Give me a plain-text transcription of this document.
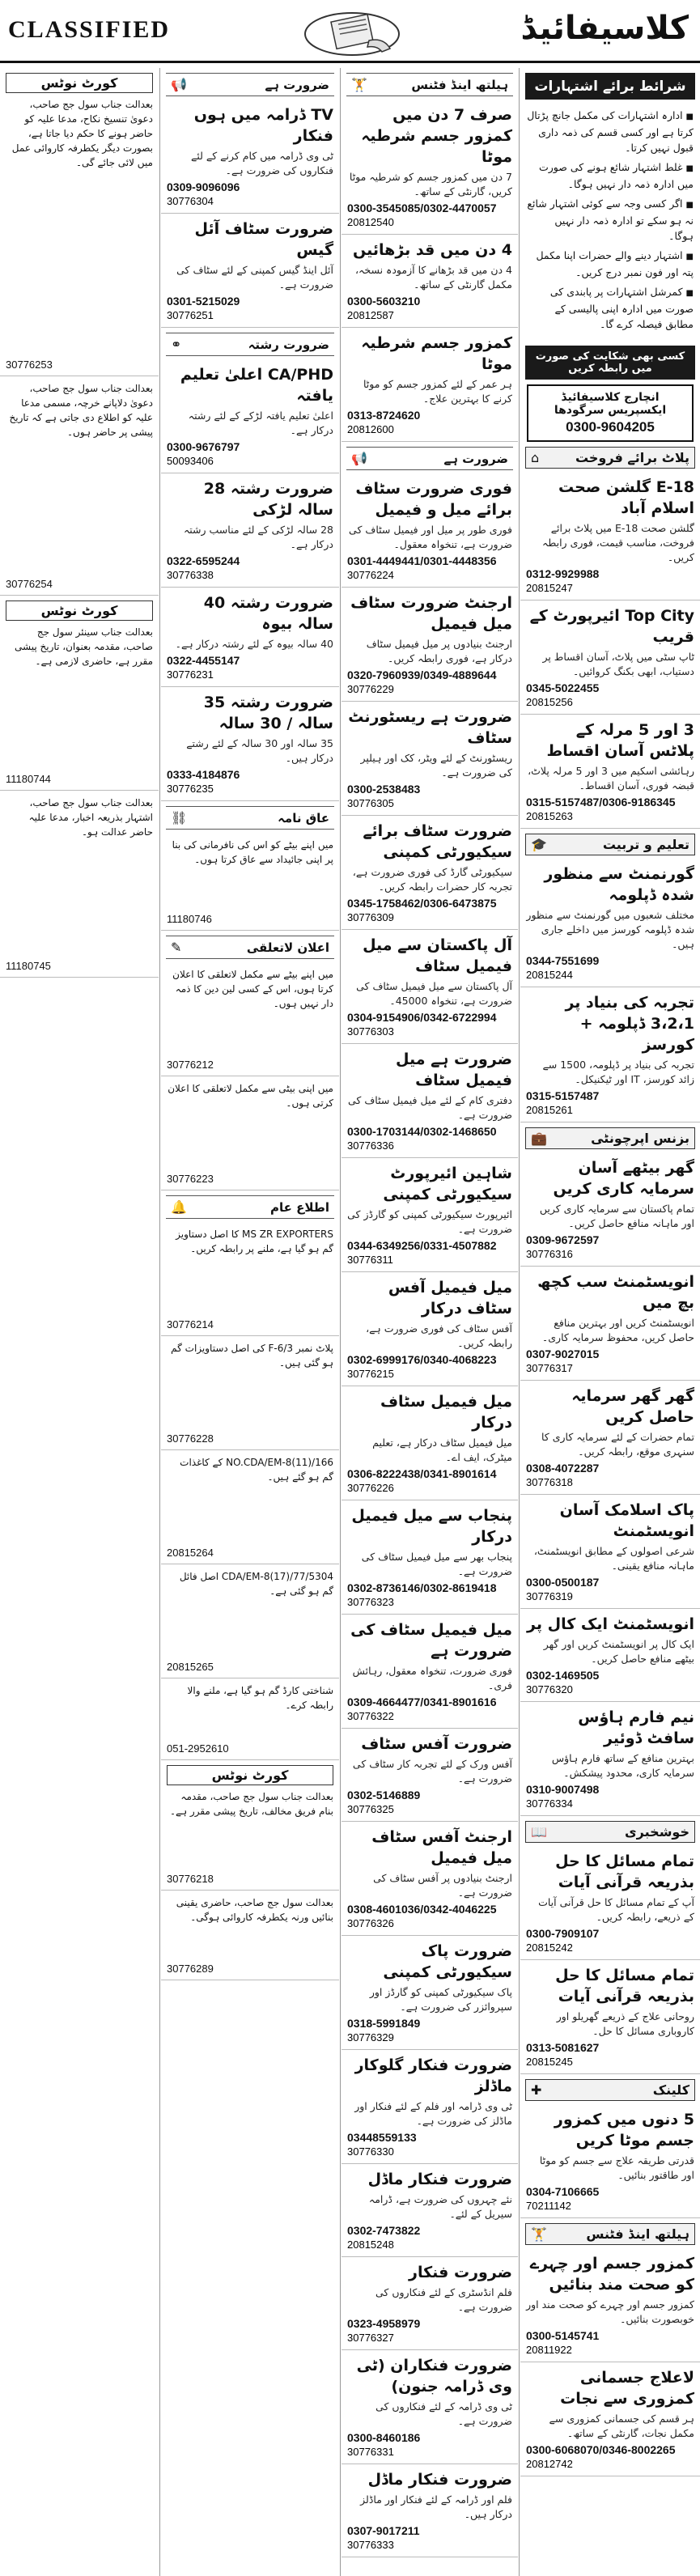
CLASSIFIED	کلاسیفائیڈ
کورٹ نوٹس
بعدالت جناب سول جج صاحب، دعویٰ تنسیخ نکاح، مدعا علیہ کو حاضر ہونے کا حکم دیا جاتا ہے، بصورت دیگر یکطرفہ کاروائی عمل میں لائی جائے گی۔
30776253
بعدالت جناب سول جج صاحب، دعویٰ دلاپانے خرچہ، مسمی مدعا علیہ کو اطلاع دی جاتی ہے کہ تاریخ پیشی پر حاضر ہوں۔
30776254
کورٹ نوٹس
بعدالت جناب سینئر سول جج صاحب، مقدمہ بعنوان، تاریخ پیشی مقرر ہے، حاضری لازمی ہے۔
11180744
بعدالت جناب سول جج صاحب، اشتہار بذریعہ اخبار، مدعا علیہ حاضر عدالت ہو۔
11180745
ضرورت ہے
📢
TV ڈرامہ میں ہوں فنکار
ٹی وی ڈرامہ میں کام کرنے کے لئے فنکاروں کی ضرورت ہے۔
0309-9096096
30776304
ضرورت سٹاف آئل گیس
آئل اینڈ گیس کمپنی کے لئے سٹاف کی ضرورت ہے۔
0301-5215029
30776251
ضرورت رشتہ
⚭
CA/PHD اعلیٰ تعلیم یافتہ
اعلیٰ تعلیم یافتہ لڑکے کے لئے رشتہ درکار ہے۔
0300-9676797
50093406
ضرورت رشتہ 28 سالہ لڑکی
28 سالہ لڑکی کے لئے مناسب رشتہ درکار ہے۔
0322-6595244
30776338
ضرورت رشتہ 40 سالہ بیوہ
40 سالہ بیوہ کے لئے رشتہ درکار ہے۔
0322-4455147
30776231
ضرورت رشتہ 35 سالہ / 30 سالہ
35 سالہ اور 30 سالہ کے لئے رشتے درکار ہیں۔
0333-4184876
30776235
عاق نامہ
⛓
میں اپنے بیٹے کو اس کی نافرمانی کی بنا پر اپنی جائیداد سے عاق کرتا ہوں۔
11180746
اعلان لاتعلقی
✎
میں اپنے بیٹے سے مکمل لاتعلقی کا اعلان کرتا ہوں، اس کے کسی لین دین کا ذمہ دار نہیں ہوں۔
30776212
میں اپنی بیٹی سے مکمل لاتعلقی کا اعلان کرتی ہوں۔
30776223
اطلاع عام
🔔
MS ZR EXPORTERS کا اصل دستاویز گم ہو گیا ہے، ملنے پر رابطہ کریں۔
30776214
پلاٹ نمبر F-6/3 کی اصل دستاویزات گم ہو گئی ہیں۔
30776228
NO.CDA/EM-8(11)/166 کے کاغذات گم ہو گئے ہیں۔
20815264
CDA/EM-8(17)/77/5304 اصل فائل گم ہو گئی ہے۔
20815265
شناختی کارڈ گم ہو گیا ہے، ملنے والا رابطہ کرے۔
051-2952610
کورٹ نوٹس
بعدالت جناب سول جج صاحب، مقدمہ بنام فریق مخالف، تاریخ پیشی مقرر ہے۔
30776218
بعدالت سول جج صاحب، حاضری یقینی بنائیں ورنہ یکطرفہ کاروائی ہوگی۔
30776289
ہیلتھ اینڈ فٹنس
🏋
صرف 7 دن میں کمزور جسم شرطیہ موٹا
7 دن میں کمزور جسم کو شرطیہ موٹا کریں، گارنٹی کے ساتھ۔
0300-3545085/0302-4470057
20812540
4 دن میں قد بڑھائیں
4 دن میں قد بڑھانے کا آزمودہ نسخہ، مکمل گارنٹی کے ساتھ۔
0300-5603210
20812587
کمزور جسم شرطیہ موٹا
ہر عمر کے لئے کمزور جسم کو موٹا کرنے کا بہترین علاج۔
0313-8724620
20812600
ضرورت ہے
📢
فوری ضرورت سٹاف برائے میل و فیمیل
فوری طور پر میل اور فیمیل سٹاف کی ضرورت ہے، تنخواہ معقول۔
0301-4449441/0301-4448356
30776224
ارجنٹ ضرورت سٹاف میل فیمیل
ارجنٹ بنیادوں پر میل فیمیل سٹاف درکار ہے، فوری رابطہ کریں۔
0320-7960939/0349-4889644
30776229
ضرورت ہے ریسٹورنٹ سٹاف
ریسٹورنٹ کے لئے ویٹر، کک اور ہیلپر کی ضرورت ہے۔
0300-2538483
30776305
ضرورت سٹاف برائے سیکیورٹی کمپنی
سیکیورٹی گارڈ کی فوری ضرورت ہے، تجربہ کار حضرات رابطہ کریں۔
0345-1758462/0306-6473875
30776309
آل پاکستان سے میل فیمیل سٹاف
آل پاکستان سے میل فیمیل سٹاف کی ضرورت ہے، تنخواہ 45000۔
0304-9154906/0342-6722994
30776303
ضرورت ہے میل فیمیل سٹاف
دفتری کام کے لئے میل فیمیل سٹاف کی ضرورت ہے۔
0300-1703144/0302-1468650
30776336
شاہین ائیرپورٹ سیکیورٹی کمپنی
ائیرپورٹ سیکیورٹی کمپنی کو گارڈز کی ضرورت ہے۔
0344-6349256/0331-4507882
30776311
میل فیمیل آفس سٹاف درکار
آفس سٹاف کی فوری ضرورت ہے، رابطہ کریں۔
0302-6999176/0340-4068223
30776215
میل فیمیل سٹاف درکار
میل فیمیل سٹاف درکار ہے، تعلیم میٹرک، ایف اے۔
0306-8222438/0341-8901614
30776226
پنجاب سے میل فیمیل درکار
پنجاب بھر سے میل فیمیل سٹاف کی ضرورت ہے۔
0302-8736146/0302-8619418
30776323
میل فیمیل سٹاف کی ضرورت ہے
فوری ضرورت، تنخواہ معقول، رہائش فری۔
0309-4664477/0341-8901616
30776322
ضرورت آفس سٹاف
آفس ورک کے لئے تجربہ کار سٹاف کی ضرورت ہے۔
0302-5146889
30776325
ارجنٹ آفس سٹاف میل فیمیل
ارجنٹ بنیادوں پر آفس سٹاف کی ضرورت ہے۔
0308-4601036/0342-4046225
30776326
ضرورت پاک سیکیورٹی کمپنی
پاک سیکیورٹی کمپنی کو گارڈز اور سپروائزر کی ضرورت ہے۔
0318-5991849
30776329
ضرورت فنکار گلوکار ماڈلز
ٹی وی ڈرامہ اور فلم کے لئے فنکار اور ماڈلز کی ضرورت ہے۔
03448559133
30776330
ضرورت فنکار ماڈل
نئے چہروں کی ضرورت ہے، ڈرامہ سیریل کے لئے۔
0302-7473822
20815248
ضرورت فنکار
فلم انڈسٹری کے لئے فنکاروں کی ضرورت ہے۔
0323-4958979
30776327
ضرورت فنکاران (ٹی وی ڈرامہ جنون)
ٹی وی ڈرامہ کے لئے فنکاروں کی ضرورت ہے۔
0300-8460186
30776331
ضرورت فنکار ماڈل
فلم اور ڈرامہ کے لئے فنکار اور ماڈلز درکار ہیں۔
0307-9017211
30776333
شرائط برائے اشتہارات
■ ادارہ اشتہارات کی مکمل جانچ پڑتال کرتا ہے اور کسی قسم کی ذمہ داری قبول نہیں کرتا۔
■ غلط اشتہار شائع ہونے کی صورت میں ادارہ ذمہ دار نہیں ہوگا۔
■ اگر کسی وجہ سے کوئی اشتہار شائع نہ ہو سکے تو ادارہ ذمہ دار نہیں ہوگا۔
■ اشتہار دینے والے حضرات اپنا مکمل پتہ اور فون نمبر درج کریں۔
■ کمرشل اشتہارات پر پابندی کی صورت میں ادارہ اپنی پالیسی کے مطابق فیصلہ کرے گا۔
کسی بھی شکایت کی صورت میں رابطہ کریں
انچارج کلاسیفائیڈ ایکسپریس سرگودھا
0300-9604205
پلاٹ برائے فروخت
⌂
E-18 گلشن صحت اسلام آباد
گلشن صحت E-18 میں پلاٹ برائے فروخت، مناسب قیمت، فوری رابطہ کریں۔
0312-9929988
20815247
Top City ائیرپورٹ کے قریب
ٹاپ سٹی میں پلاٹ، آسان اقساط پر دستیاب، ابھی بکنگ کروائیں۔
0345-5022455
20815256
3 اور 5 مرلہ کے پلاٹس آسان اقساط
رہائشی اسکیم میں 3 اور 5 مرلہ پلاٹ، قبضہ فوری، آسان اقساط۔
0315-5157487/0306-9186345
20815263
تعلیم و تربیت
🎓
گورنمنٹ سے منظور شدہ ڈپلومہ
مختلف شعبوں میں گورنمنٹ سے منظور شدہ ڈپلومہ کورسز میں داخلے جاری ہیں۔
0344-7551699
20815244
تجربہ کی بنیاد پر 3،2،1 ڈپلومہ + کورسز
تجربہ کی بنیاد پر ڈپلومہ، 1500 سے زائد کورسز، IT اور ٹیکنیکل۔
0315-5157487
20815261
بزنس اپرچونٹی
💼
گھر بیٹھے آسان سرمایہ کاری کریں
تمام پاکستان سے سرمایہ کاری کریں اور ماہانہ منافع حاصل کریں۔
0309-9672597
30776316
انویسٹمنٹ سب کچھ بچ میں
انویسٹمنٹ کریں اور بہترین منافع حاصل کریں، محفوظ سرمایہ کاری۔
0307-9027015
30776317
گھر گھر سرمایہ حاصل کریں
تمام حضرات کے لئے سرمایہ کاری کا سنہری موقع، رابطہ کریں۔
0308-4072287
30776318
پاک اسلامک آسان انویسٹمنٹ
شرعی اصولوں کے مطابق انویسٹمنٹ، ماہانہ منافع یقینی۔
0300-0500187
30776319
انویسٹمنٹ ایک کال پر
ایک کال پر انویسٹمنٹ کریں اور گھر بیٹھے منافع حاصل کریں۔
0302-1469505
30776320
نیم فارم ہاؤس سافٹ ڈوئیر
بہترین منافع کے ساتھ فارم ہاؤس سرمایہ کاری، محدود پیشکش۔
0310-9007498
30776334
خوشخبری
📖
تمام مسائل کا حل بذریعہ قرآنی آیات
آپ کے تمام مسائل کا حل قرآنی آیات کے ذریعے، رابطہ کریں۔
0300-7909107
20815242
تمام مسائل کا حل بذریعہ قرآنی آیات
روحانی علاج کے ذریعے گھریلو اور کاروباری مسائل کا حل۔
0313-5081627
20815245
کلینک
✚
5 دنوں میں کمزور جسم موٹا کریں
قدرتی طریقہ علاج سے جسم کو موٹا اور طاقتور بنائیں۔
0304-7106665
70211142
ہیلتھ اینڈ فٹنس
🏋
کمزور جسم اور چہرے کو صحت مند بنائیں
کمزور جسم اور چہرے کو صحت مند اور خوبصورت بنائیں۔
0300-5145741
20811922
لاعلاج جسمانی کمزوری سے نجات
ہر قسم کی جسمانی کمزوری سے مکمل نجات، گارنٹی کے ساتھ۔
0300-6068070/0346-8002265
20812742
